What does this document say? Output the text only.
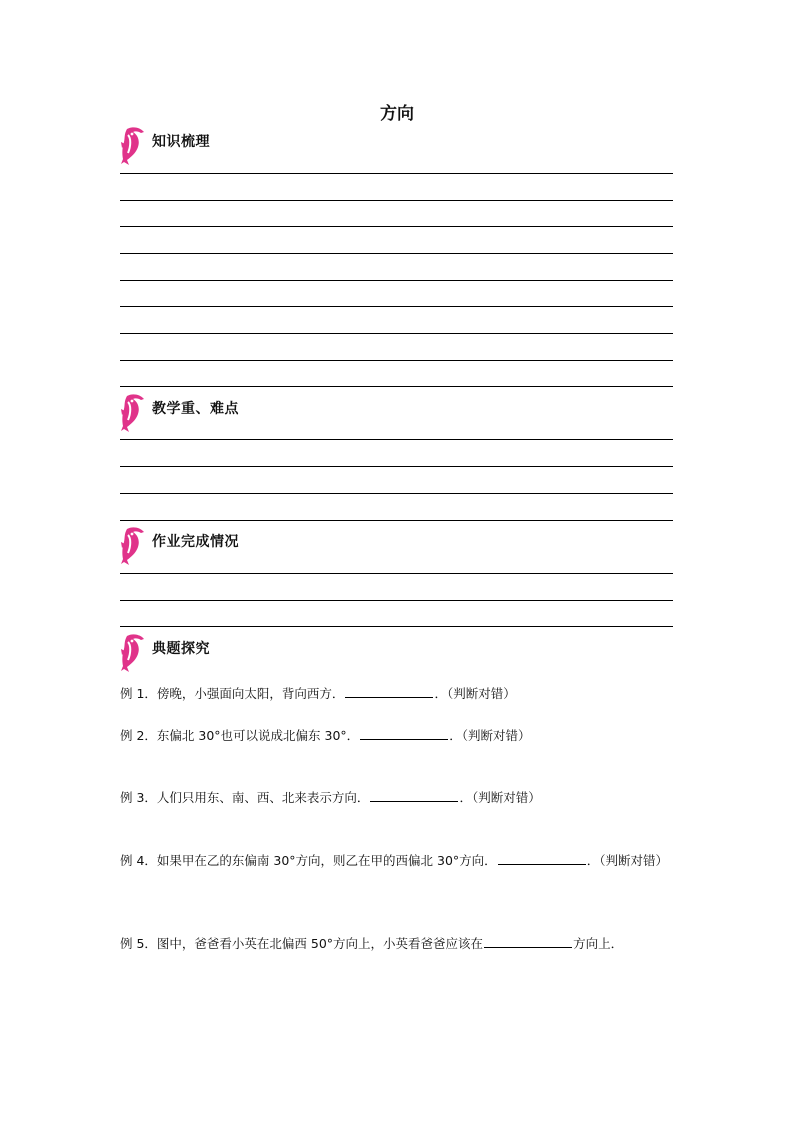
方向
知识梳理
教学重、难点
作业完成情况
典题探究
例 1．傍晚，小强面向太阳，背向西方．	．（判断对错）
例 2．东偏北 30°也可以说成北偏东 30°．	．（判断对错）
例 3．人们只用东、南、西、北来表示方向．	．（判断对错）
例 4．如果甲在乙的东偏南 30°方向，则乙在甲的西偏北 30°方向．	．（判断对错）
例 5．图中，爸爸看小英在北偏西 50°方向上，小英看爸爸应该在	方向上．
